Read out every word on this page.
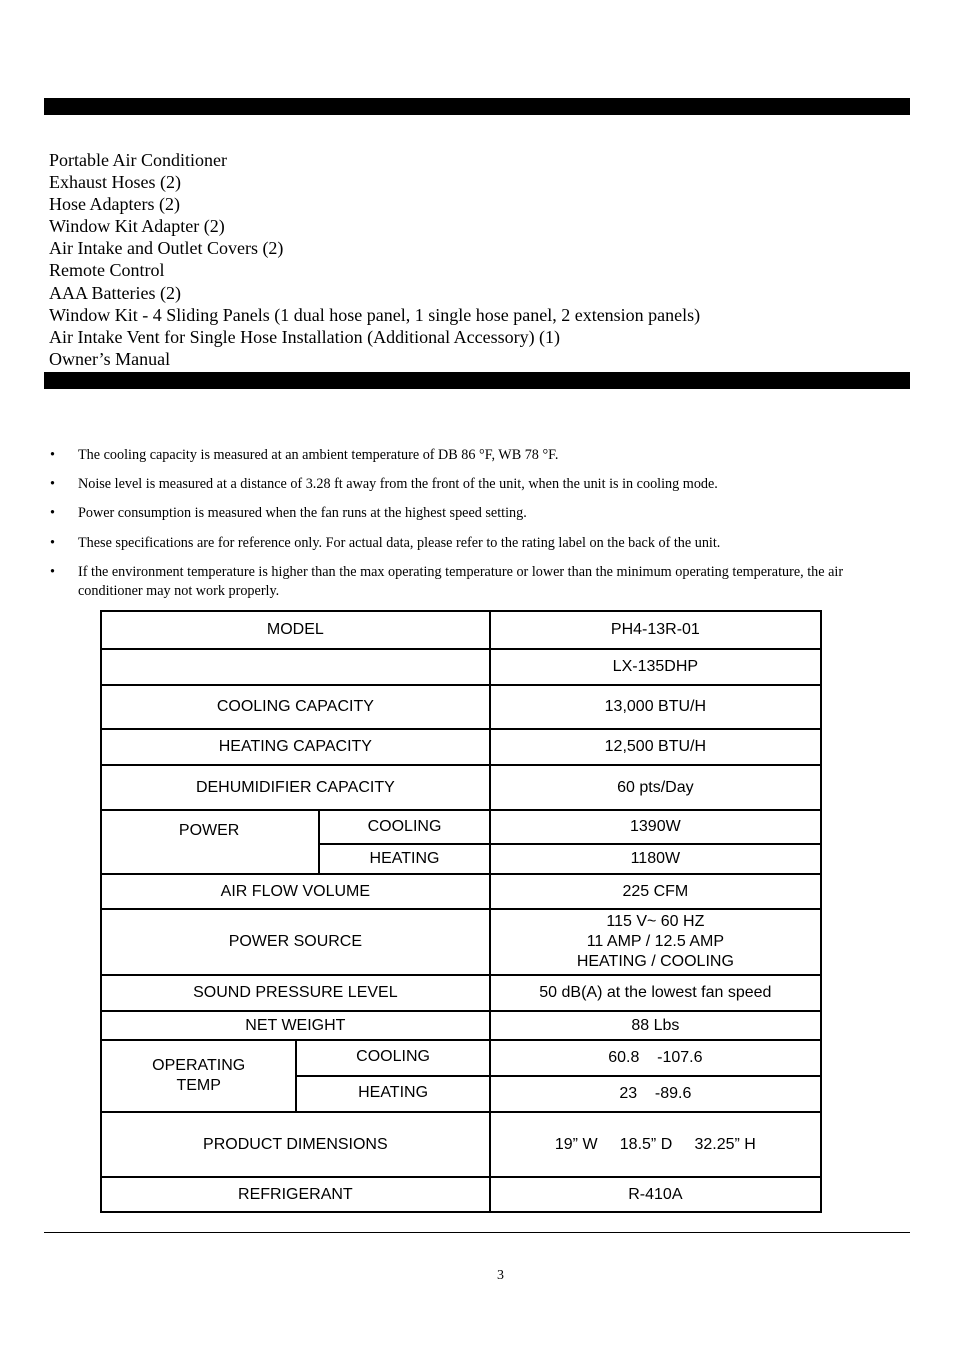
Portable Air Conditioner
Exhaust Hoses (2)
Hose Adapters (2)
Window Kit Adapter (2)
Air Intake and Outlet Covers (2)
Remote Control
AAA Batteries (2)
Window Kit - 4 Sliding Panels (1 dual hose panel, 1 single hose panel, 2 extension panels)
Air Intake Vent for Single Hose Installation (Additional Accessory) (1)
Owner’s Manual
• The cooling capacity is measured at an ambient temperature of DB 86 °F, WB 78 °F.
• Noise level is measured at a distance of 3.28 ft away from the front of the unit, when the unit is in cooling mode.
• Power consumption is measured when the fan runs at the highest speed setting.
• These specifications are for reference only. For actual data, please refer to the rating label on the back of the unit.
• If the environment temperature is higher than the max operating temperature or lower than the minimum operating temperature, the air conditioner may not work properly.
MODEL			PH4-13R-01
			LX-135DHP
COOLING CAPACITY			13,000 BTU/H
HEATING CAPACITY			12,500 BTU/H
DEHUMIDIFIER CAPACITY			60 pts/Day
POWER		COOLING	1390W
		HEATING	1180W
AIR FLOW VOLUME			225 CFM
POWER SOURCE			115 V~ 60 HZ
11 AMP / 12.5 AMP
HEATING / COOLING

SOUND PRESSURE LEVEL			50 dB(A) at the lowest fan speed
NET WEIGHT			88 Lbs

OPERATING
TEMP	COOLING		60.8    -107.6
	HEATING		23    -89.6
PRODUCT DIMENSIONS			19” W     18.5” D     32.25” H
REFRIGERANT			R-410A
3
